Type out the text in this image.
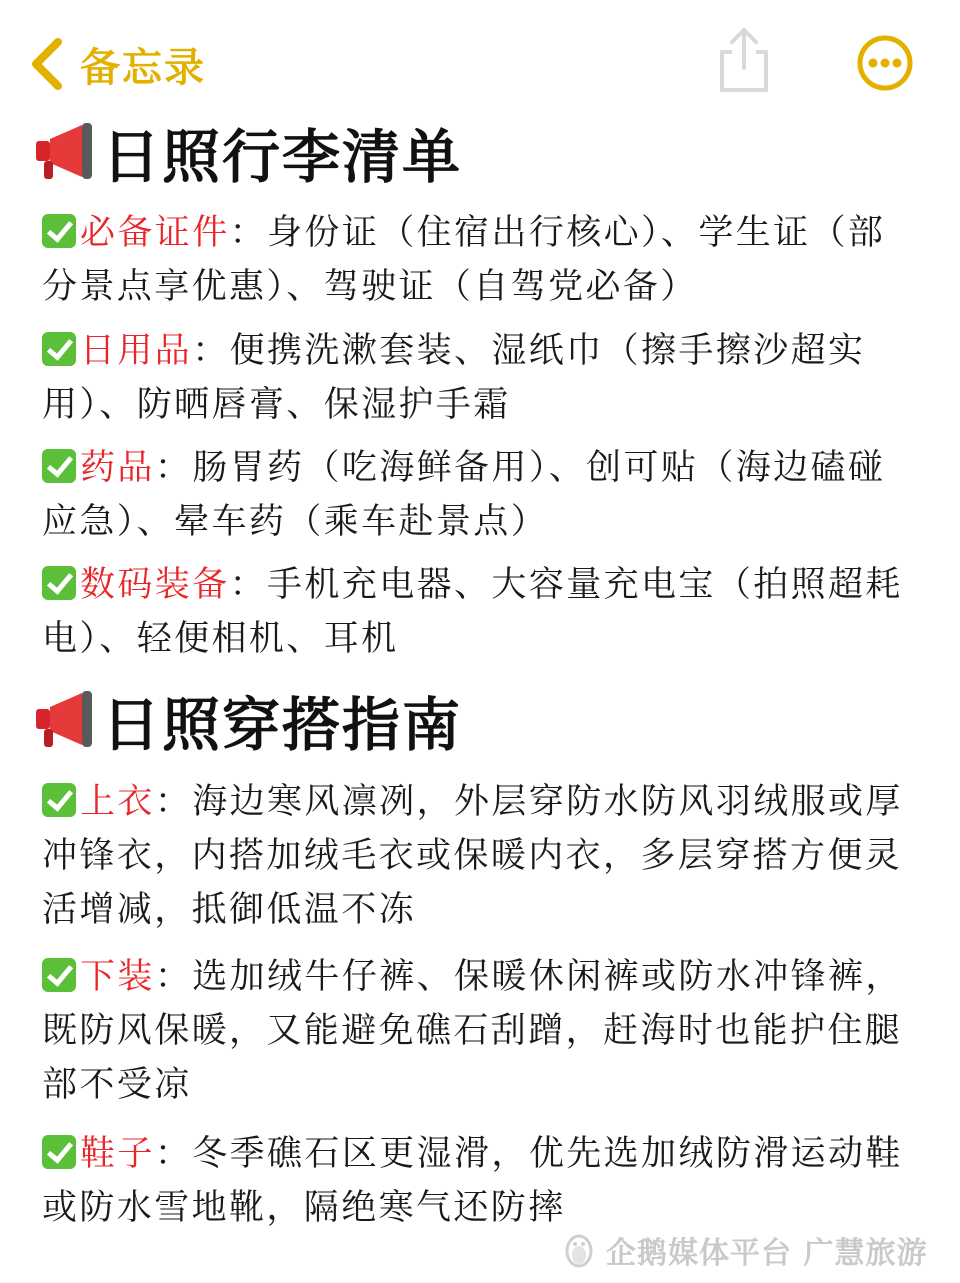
备忘录
日照行李清单
必备证件：身份证（住宿出行核心）、学生证（部分景点享优惠）、驾驶证（自驾党必备）
日用品：便携洗漱套装、湿纸巾（擦手擦沙超实用）、防晒唇膏、保湿护手霜
药品：肠胃药（吃海鲜备用）、创可贴（海边磕碰应急）、晕车药（乘车赴景点）
数码装备：手机充电器、大容量充电宝（拍照超耗电）、轻便相机、耳机
日照穿搭指南
上衣：海边寒风凛冽，外层穿防水防风羽绒服或厚冲锋衣，内搭加绒毛衣或保暖内衣，多层穿搭方便灵活增减，抵御低温不冻
下装：选加绒牛仔裤、保暖休闲裤或防水冲锋裤，既防风保暖，又能避免礁石刮蹭，赶海时也能护住腿部不受凉
鞋子：冬季礁石区更湿滑，优先选加绒防滑运动鞋或防水雪地靴，隔绝寒气还防摔
企鹅媒体平台 广慧旅游
